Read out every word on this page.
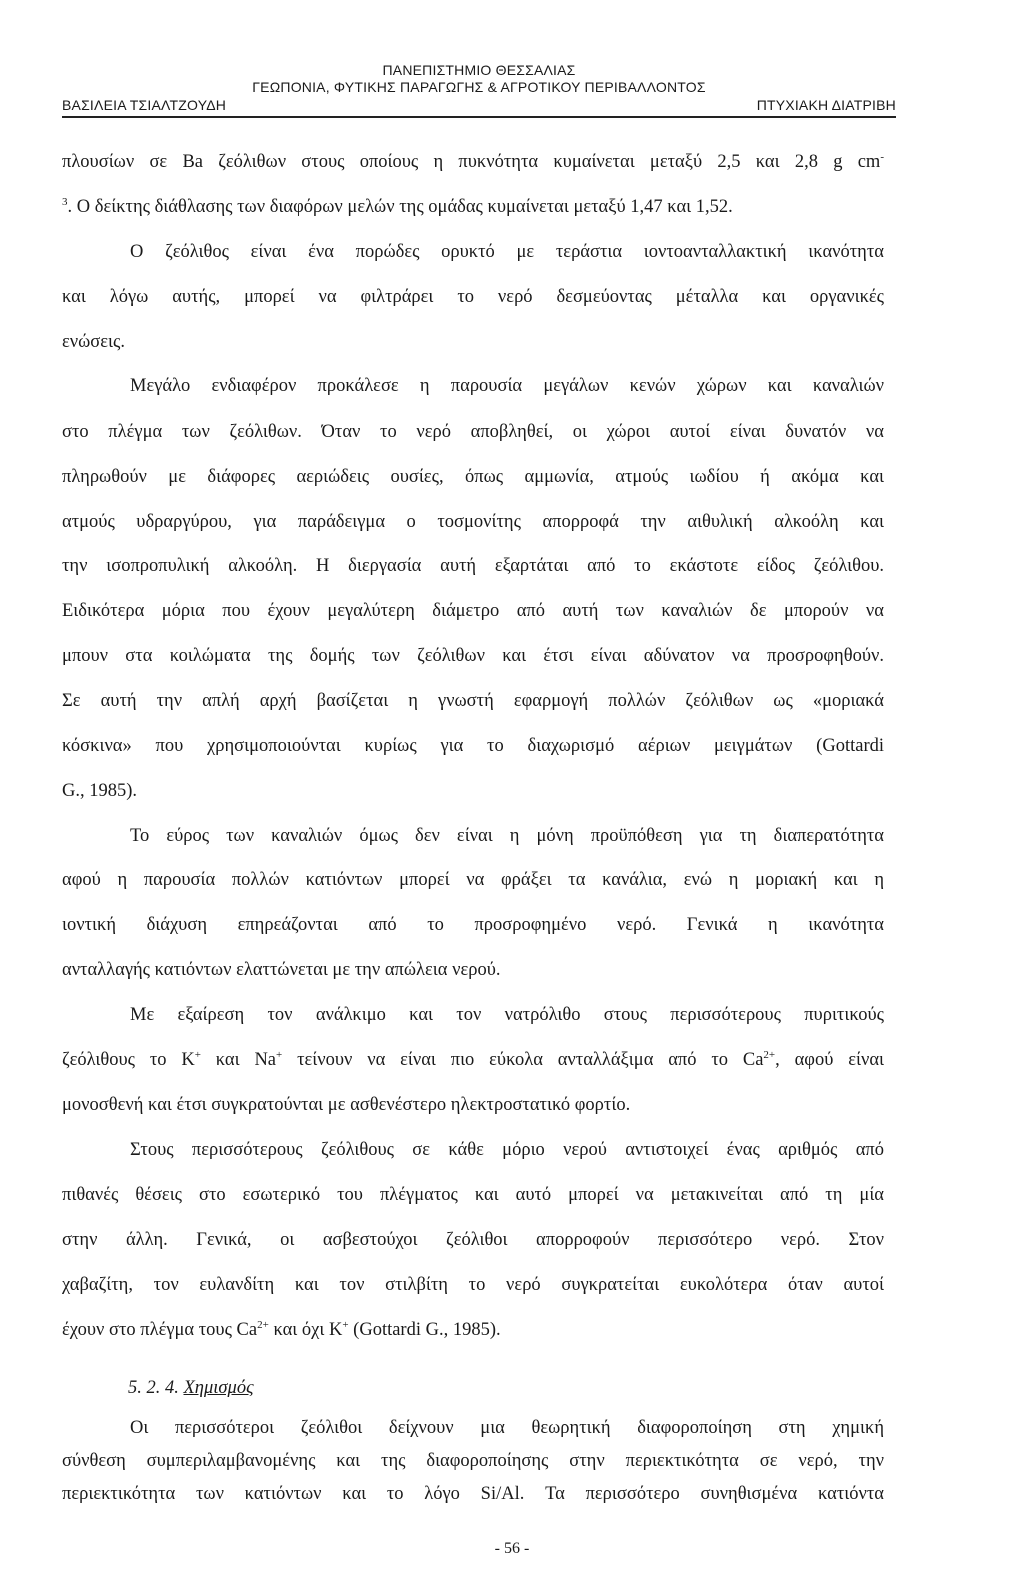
ΠΑΝΕΠΙΣΤΗΜΙΟ ΘΕΣΣΑΛΙΑΣ
ΓΕΩΠΟΝΙΑ, ΦΥΤΙΚΗΣ ΠΑΡΑΓΩΓΗΣ & ΑΓΡΟΤΙΚΟΥ ΠΕΡΙΒΑΛΛΟΝΤΟΣ
ΒΑΣΙΛΕΙΑ ΤΣΙΑΛΤΖΟΥΔΗ	ΠΤΥΧΙΑΚΗ ΔΙΑΤΡΙΒΗ
πλουσίων σε Ba ζεόλιθων στους οποίους η πυκνότητα κυμαίνεται μεταξύ 2,5 και 2,8 g cm-
$^3$. Ο δείκτης διάθλασης των διαφόρων μελών της ομάδας κυμαίνεται μεταξύ 1,47 και 1,52.
Ο ζεόλιθος είναι ένα πορώδες ορυκτό με τεράστια ιοντοανταλλακτική ικανότητα
και λόγω αυτής, μπορεί να φιλτράρει το νερό δεσμεύοντας μέταλλα και οργανικές
ενώσεις.
Μεγάλο ενδιαφέρον προκάλεσε η παρουσία μεγάλων κενών χώρων και καναλιών
στο πλέγμα των ζεόλιθων. Όταν το νερό αποβληθεί, οι χώροι αυτοί είναι δυνατόν να
πληρωθούν με διάφορες αεριώδεις ουσίες, όπως αμμωνία, ατμούς ιωδίου ή ακόμα και
ατμούς υδραργύρου, για παράδειγμα ο τοσμονίτης απορροφά την αιθυλική αλκοόλη και
την ισοπροπυλική αλκοόλη. Η διεργασία αυτή εξαρτάται από το εκάστοτε είδος ζεόλιθου.
Ειδικότερα μόρια που έχουν μεγαλύτερη διάμετρο από αυτή των καναλιών δε μπορούν να
μπουν στα κοιλώματα της δομής των ζεόλιθων και έτσι είναι αδύνατον να προσροφηθούν.
Σε αυτή την απλή αρχή βασίζεται η γνωστή εφαρμογή πολλών ζεόλιθων ως «μοριακά
κόσκινα» που χρησιμοποιούνται κυρίως για το διαχωρισμό αέριων μειγμάτων (Gottardi
G., 1985).
Το εύρος των καναλιών όμως δεν είναι η μόνη προϋπόθεση για τη διαπερατότητα
αφού η παρουσία πολλών κατιόντων μπορεί να φράξει τα κανάλια, ενώ η μοριακή και η
ιοντική διάχυση επηρεάζονται από το προσροφημένο νερό. Γενικά η ικανότητα
ανταλλαγής κατιόντων ελαττώνεται με την απώλεια νερού.
Με εξαίρεση τον ανάλκιμο και τον νατρόλιθο στους περισσότερους πυριτικούς
ζεόλιθους το K+ και Na+ τείνουν να είναι πιο εύκολα ανταλλάξιμα από το $Ca^{2+}$, αφού είναι
μονοσθενή και έτσι συγκρατούνται με ασθενέστερο ηλεκτροστατικό φορτίο.
Στους περισσότερους ζεόλιθους σε κάθε μόριο νερού αντιστοιχεί ένας αριθμός από
πιθανές θέσεις στο εσωτερικό του πλέγματος και αυτό μπορεί να μετακινείται από τη μία
στην άλλη. Γενικά, οι ασβεστούχοι ζεόλιθοι απορροφούν περισσότερο νερό. Στον
χαβαζίτη, τον ευλανδίτη και τον στιλβίτη το νερό συγκρατείται ευκολότερα όταν αυτοί
έχουν στο πλέγμα τους $Ca^{2+}$ και όχι K+ (Gottardi G., 1985).
5. 2. 4. Χημισμός
Οι περισσότεροι ζεόλιθοι δείχνουν μια θεωρητική διαφοροποίηση στη χημική
σύνθεση συμπεριλαμβανομένης και της διαφοροποίησης στην περιεκτικότητα σε νερό, την
περιεκτικότητα των κατιόντων και το λόγο Si/Al. Τα περισσότερο συνηθισμένα κατιόντα
- 56 -
